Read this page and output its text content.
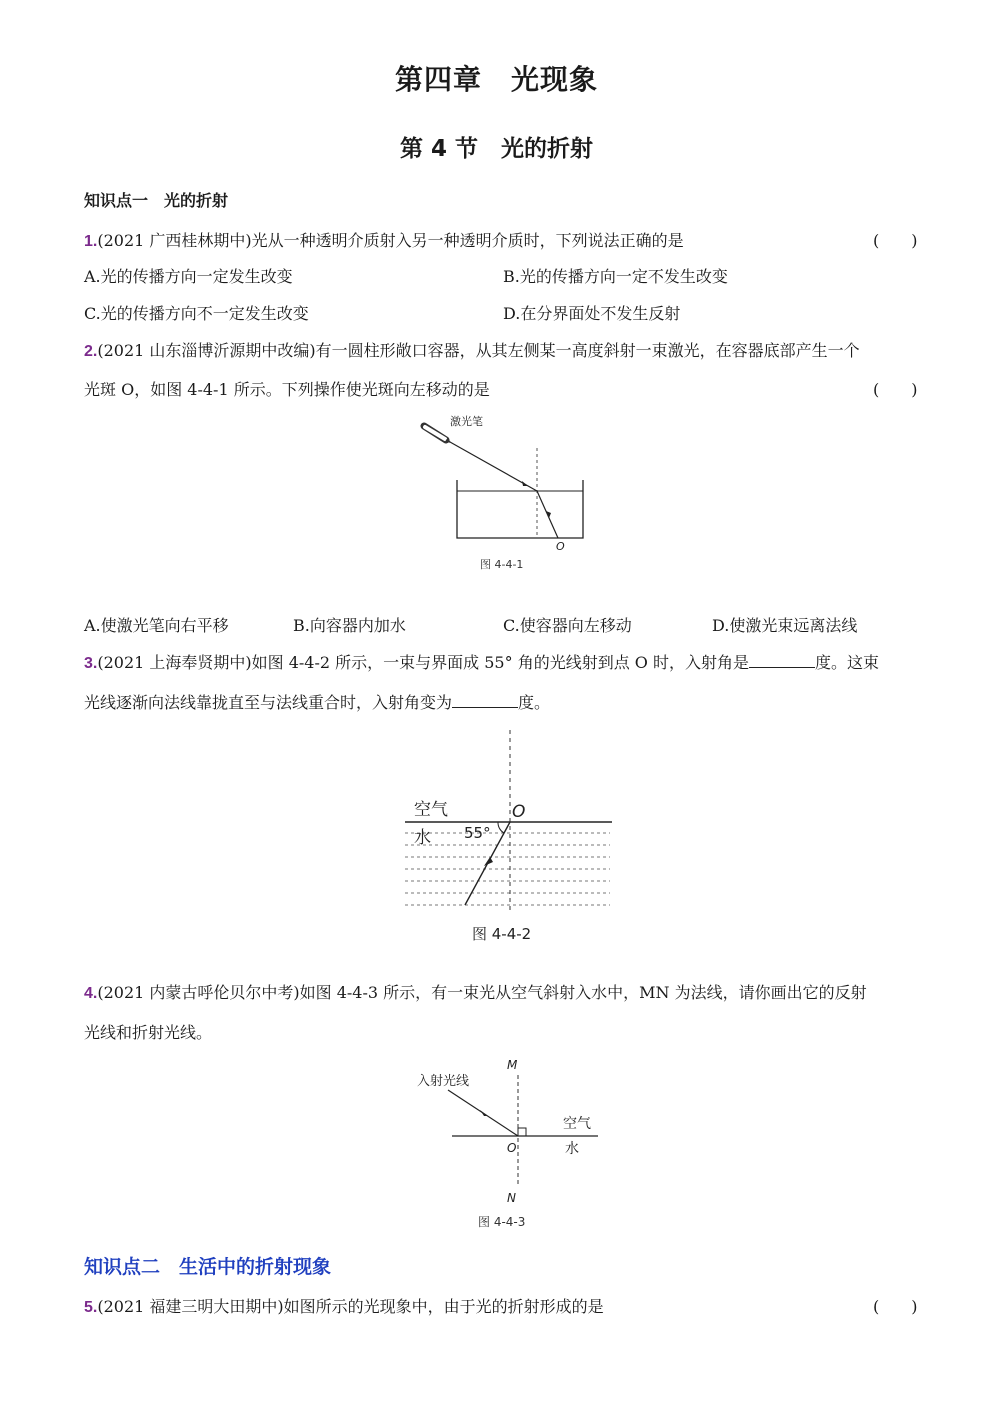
第四章　光现象
第 4 节　光的折射
知识点一　光的折射
1.(2021 广西桂林期中)光从一种透明介质射入另一种透明介质时，下列说法正确的是	(　　)
A.光的传播方向一定发生改变	B.光的传播方向一定不发生改变
C.光的传播方向不一定发生改变	D.在分界面处不发生反射
2.(2021 山东淄博沂源期中改编)有一圆柱形敞口容器，从其左侧某一高度斜射一束激光，在容器底部产生一个
光斑 O，如图 4-4-1 所示。下列操作使光斑向左移动的是	(　　)
激光笔
O
图 4-4-1
A.使激光笔向右平移	B.向容器内加水	C.使容器向左移动	D.使激光束远离法线
3.(2021 上海奉贤期中)如图 4-4-2 所示，一束与界面成 55° 角的光线射到点 O 时，入射角是	度。这束
光线逐渐向法线靠拢直至与法线重合时，入射角变为	度。
空气
水 55°
O
图 4-4-2
4.(2021 内蒙古呼伦贝尔中考)如图 4-4-3 所示，有一束光从空气斜射入水中，MN 为法线，请你画出它的反射
光线和折射光线。
M
N
O
入射光线
空气
水
图 4-4-3
知识点二　生活中的折射现象
5.(2021 福建三明大田期中)如图所示的光现象中，由于光的折射形成的是	(　　)
